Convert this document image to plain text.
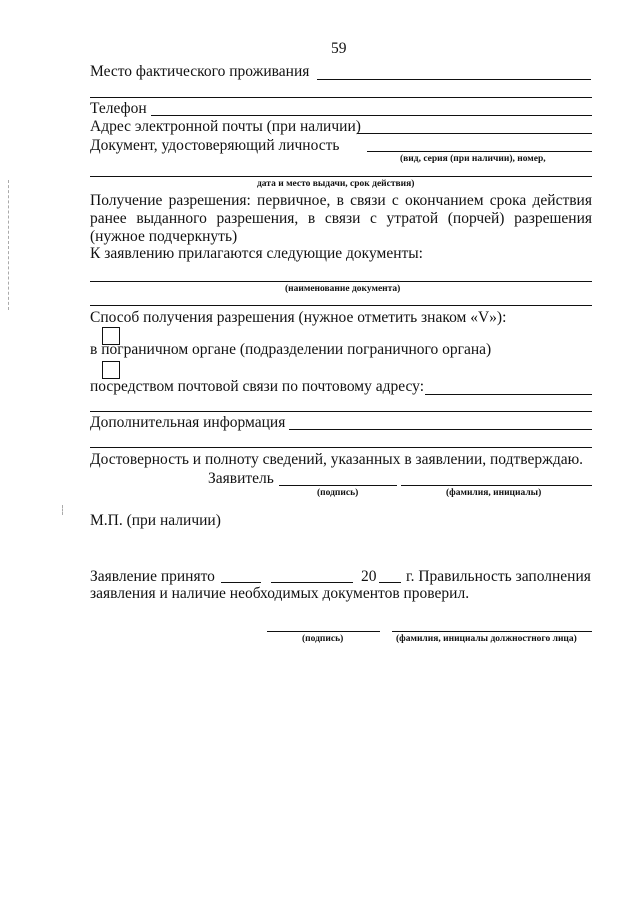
59
Место фактического проживания
Телефон
Адрес электронной почты (при наличии)
Документ, удостоверяющий личность
(вид, серия (при наличии), номер,
дата и место выдачи, срок действия)
Получение разрешения: первичное, в связи с окончанием срока действия
ранее выданного разрешения, в связи с утратой (порчей) разрешения
(нужное подчеркнуть)
К заявлению прилагаются следующие документы:
(наименование документа)
Способ получения разрешения (нужное отметить знаком «V»):
в пограничном органе (подразделении пограничного органа)
посредством почтовой связи по почтовому адресу:
Дополнительная информация
Достоверность и полноту сведений, указанных в заявлении, подтверждаю.
Заявитель
(подпись)	(фамилия, инициалы)
М.П. (при наличии)
Заявление принято	20 г. Правильность заполнения
заявления и наличие необходимых документов проверил.
(подпись)	(фамилия, инициалы должностного лица)
